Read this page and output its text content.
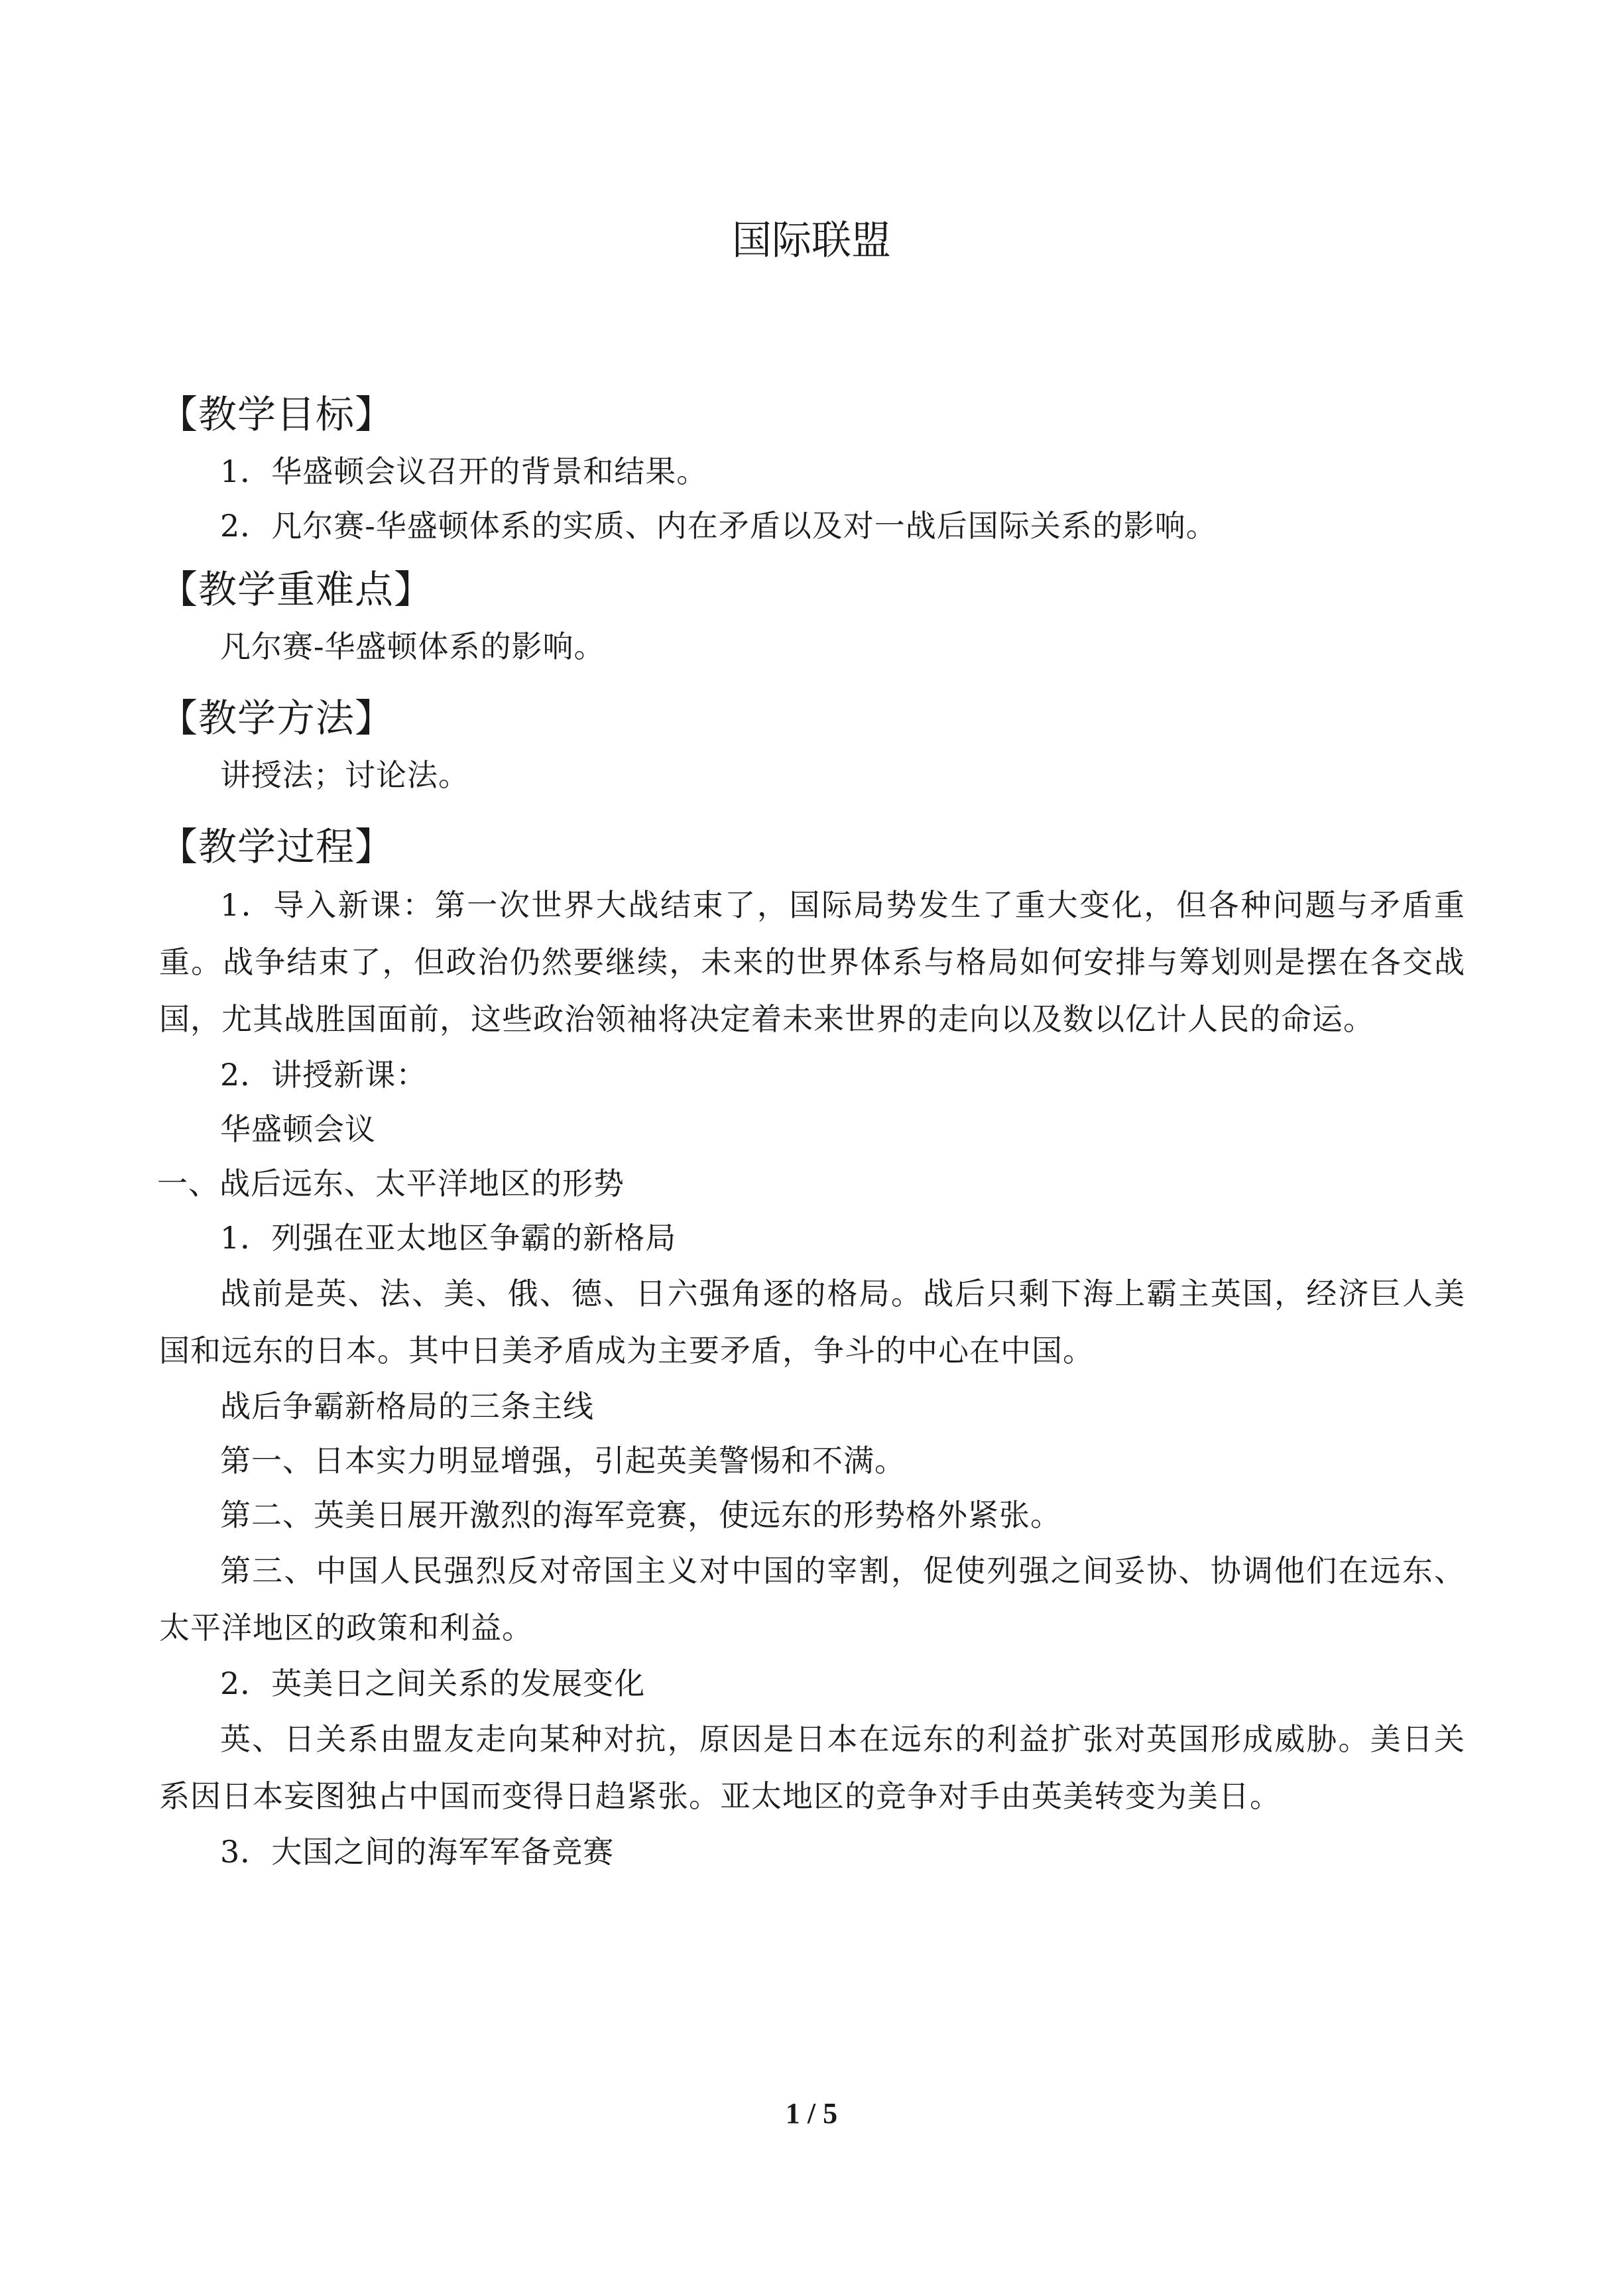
国际联盟
【教学目标】

1．华盛顿会议召开的背景和结果。

2．凡尔赛-华盛顿体系的实质、内在矛盾以及对一战后国际关系的影响。

【教学重难点】

凡尔赛-华盛顿体系的影响。

【教学方法】

讲授法；讨论法。

【教学过程】

1．导入新课：第一次世界大战结束了，国际局势发生了重大变化，但各种问题与矛盾重重。战争结束了，但政治仍然要继续，未来的世界体系与格局如何安排与筹划则是摆在各交战国，尤其战胜国面前，这些政治领袖将决定着未来世界的走向以及数以亿计人民的命运。

2．讲授新课：

华盛顿会议

一、战后远东、太平洋地区的形势

1．列强在亚太地区争霸的新格局

战前是英、法、美、俄、德、日六强角逐的格局。战后只剩下海上霸主英国，经济巨人美国和远东的日本。其中日美矛盾成为主要矛盾，争斗的中心在中国。

战后争霸新格局的三条主线

第一、日本实力明显增强，引起英美警惕和不满。

第二、英美日展开激烈的海军竞赛，使远东的形势格外紧张。

第三、中国人民强烈反对帝国主义对中国的宰割，促使列强之间妥协、协调他们在远东、太平洋地区的政策和利益。

2．英美日之间关系的发展变化

英、日关系由盟友走向某种对抗，原因是日本在远东的利益扩张对英国形成威胁。美日关系因日本妄图独占中国而变得日趋紧张。亚太地区的竞争对手由英美转变为美日。

3．大国之间的海军军备竞赛

1 / 5
